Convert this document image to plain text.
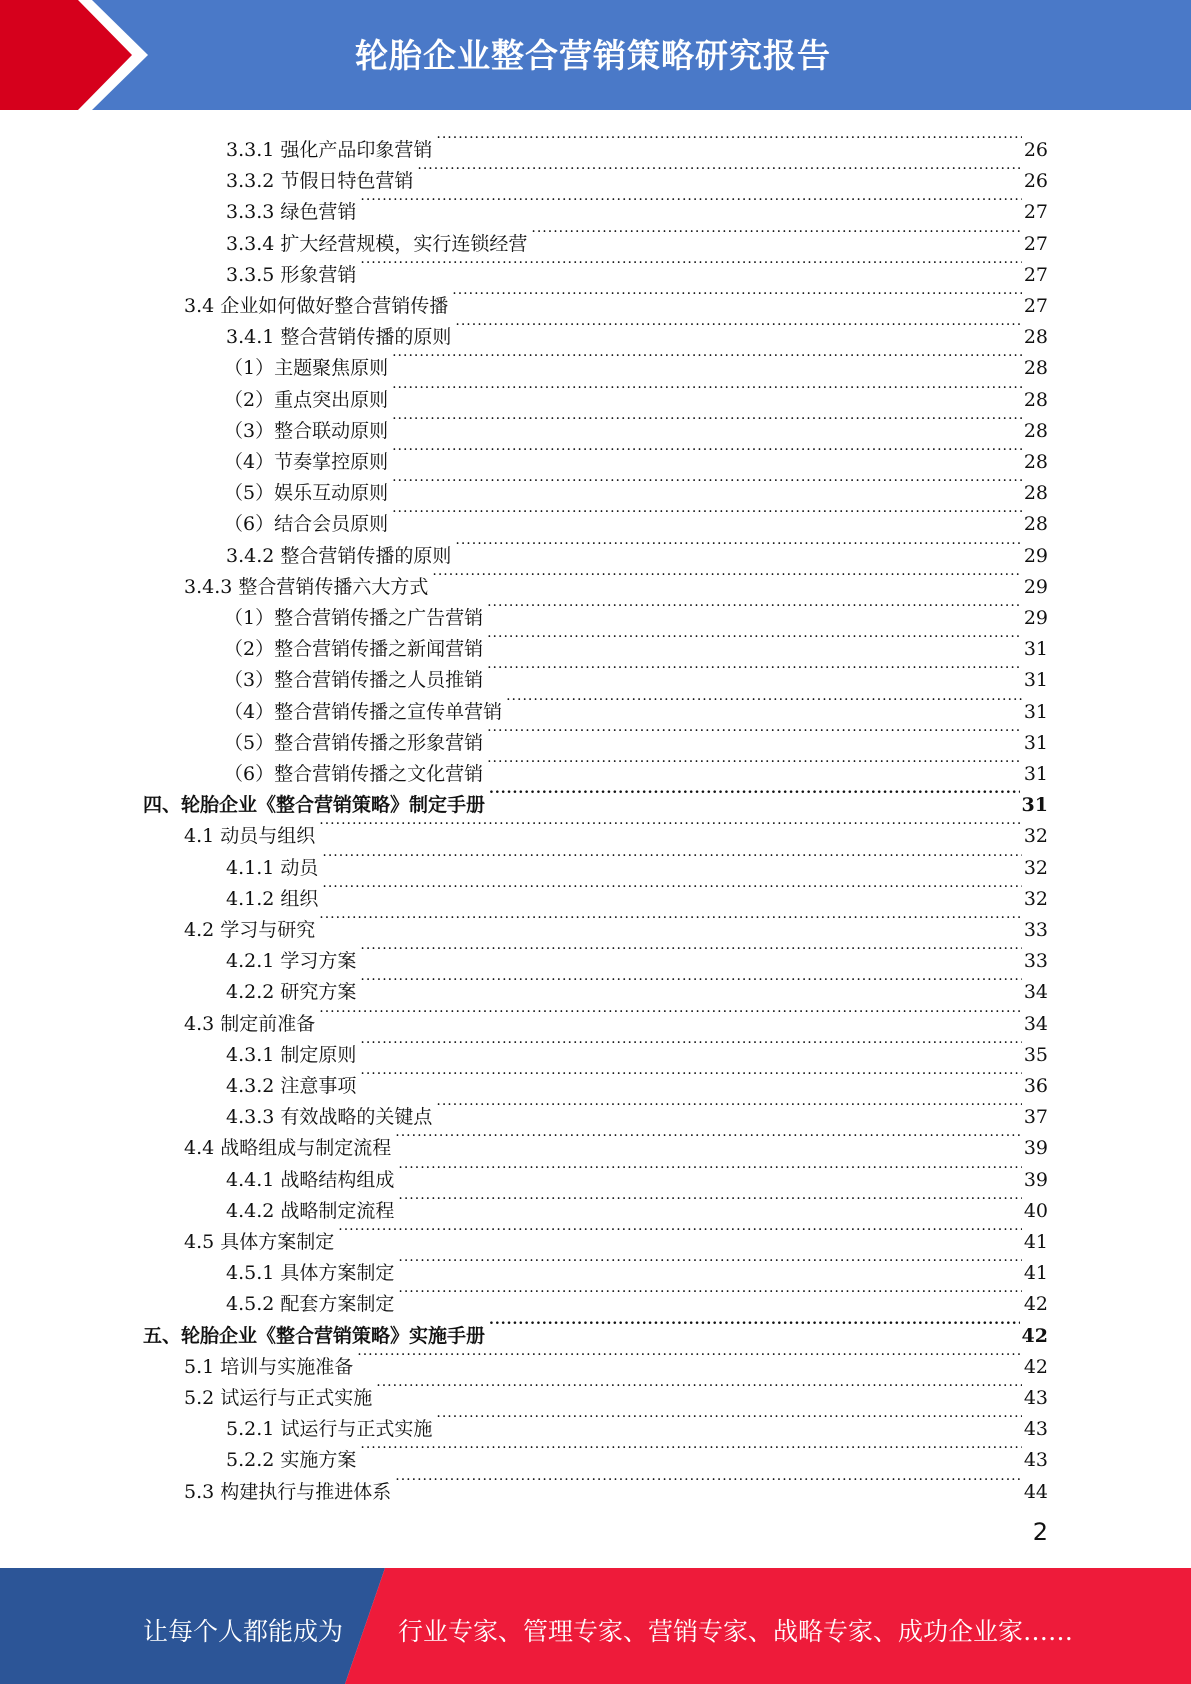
轮胎企业整合营销策略研究报告
3.3.1 强化产品印象营销 .....	26
3.3.2 节假日特色营销 .....	26
3.3.3 绿色营销 .....	27
3.3.4 扩大经营规模，实行连锁经营 .....	27
3.3.5 形象营销 .....	27
3.4 企业如何做好整合营销传播 .....	27
3.4.1 整合营销传播的原则 .....	28
（1）主题聚焦原则 .....	28
（2）重点突出原则 .....	28
（3）整合联动原则 .....	28
（4）节奏掌控原则 .....	28
（5）娱乐互动原则 .....	28
（6）结合会员原则 .....	28
3.4.2 整合营销传播的原则 .....	29
3.4.3 整合营销传播六大方式 .....	29
（1）整合营销传播之广告营销 .....	29
（2）整合营销传播之新闻营销 .....	31
（3）整合营销传播之人员推销 .....	31
（4）整合营销传播之宣传单营销 .....	31
（5）整合营销传播之形象营销 .....	31
（6）整合营销传播之文化营销 .....	31
四、轮胎企业《整合营销策略》制定手册 .....	31
4.1 动员与组织 .....	32
4.1.1 动员 .....	32
4.1.2 组织 .....	32
4.2 学习与研究 .....	33
4.2.1 学习方案 .....	33
4.2.2 研究方案 .....	34
4.3 制定前准备 .....	34
4.3.1 制定原则 .....	35
4.3.2 注意事项 .....	36
4.3.3 有效战略的关键点 .....	37
4.4 战略组成与制定流程 .....	39
4.4.1 战略结构组成 .....	39
4.4.2 战略制定流程 .....	40
4.5 具体方案制定 .....	41
4.5.1 具体方案制定 .....	41
4.5.2 配套方案制定 .....	42
五、轮胎企业《整合营销策略》实施手册 .....	42
5.1 培训与实施准备 .....	42
5.2 试运行与正式实施 .....	43
5.2.1 试运行与正式实施 .....	43
5.2.2 实施方案 .....	43
5.3 构建执行与推进体系 .....	44
2
让每个人都能成为 行业专家、管理专家、营销专家、战略专家、成功企业家……
